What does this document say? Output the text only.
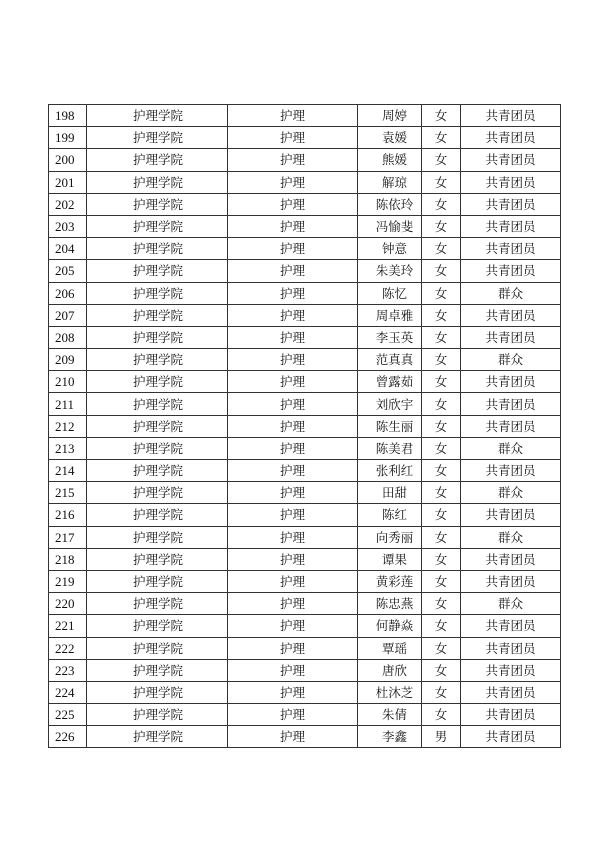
198	护理学院	护理	周婷	女	共青团员
199	护理学院	护理	袁媛	女	共青团员
200	护理学院	护理	熊媛	女	共青团员
201	护理学院	护理	解琼	女	共青团员
202	护理学院	护理	陈依玲	女	共青团员
203	护理学院	护理	冯愉斐	女	共青团员
204	护理学院	护理	钟意	女	共青团员
205	护理学院	护理	朱美玲	女	共青团员
206	护理学院	护理	陈忆	女	群众
207	护理学院	护理	周卓雅	女	共青团员
208	护理学院	护理	李玉英	女	共青团员
209	护理学院	护理	范真真	女	群众
210	护理学院	护理	曾露茹	女	共青团员
211	护理学院	护理	刘欣宇	女	共青团员
212	护理学院	护理	陈生丽	女	共青团员
213	护理学院	护理	陈美君	女	群众
214	护理学院	护理	张利红	女	共青团员
215	护理学院	护理	田甜	女	群众
216	护理学院	护理	陈红	女	共青团员
217	护理学院	护理	向秀丽	女	群众
218	护理学院	护理	谭果	女	共青团员
219	护理学院	护理	黄彩莲	女	共青团员
220	护理学院	护理	陈忠燕	女	群众
221	护理学院	护理	何静焱	女	共青团员
222	护理学院	护理	覃瑶	女	共青团员
223	护理学院	护理	唐欣	女	共青团员
224	护理学院	护理	杜沐芝	女	共青团员
225	护理学院	护理	朱倩	女	共青团员
226	护理学院	护理	李鑫	男	共青团员
